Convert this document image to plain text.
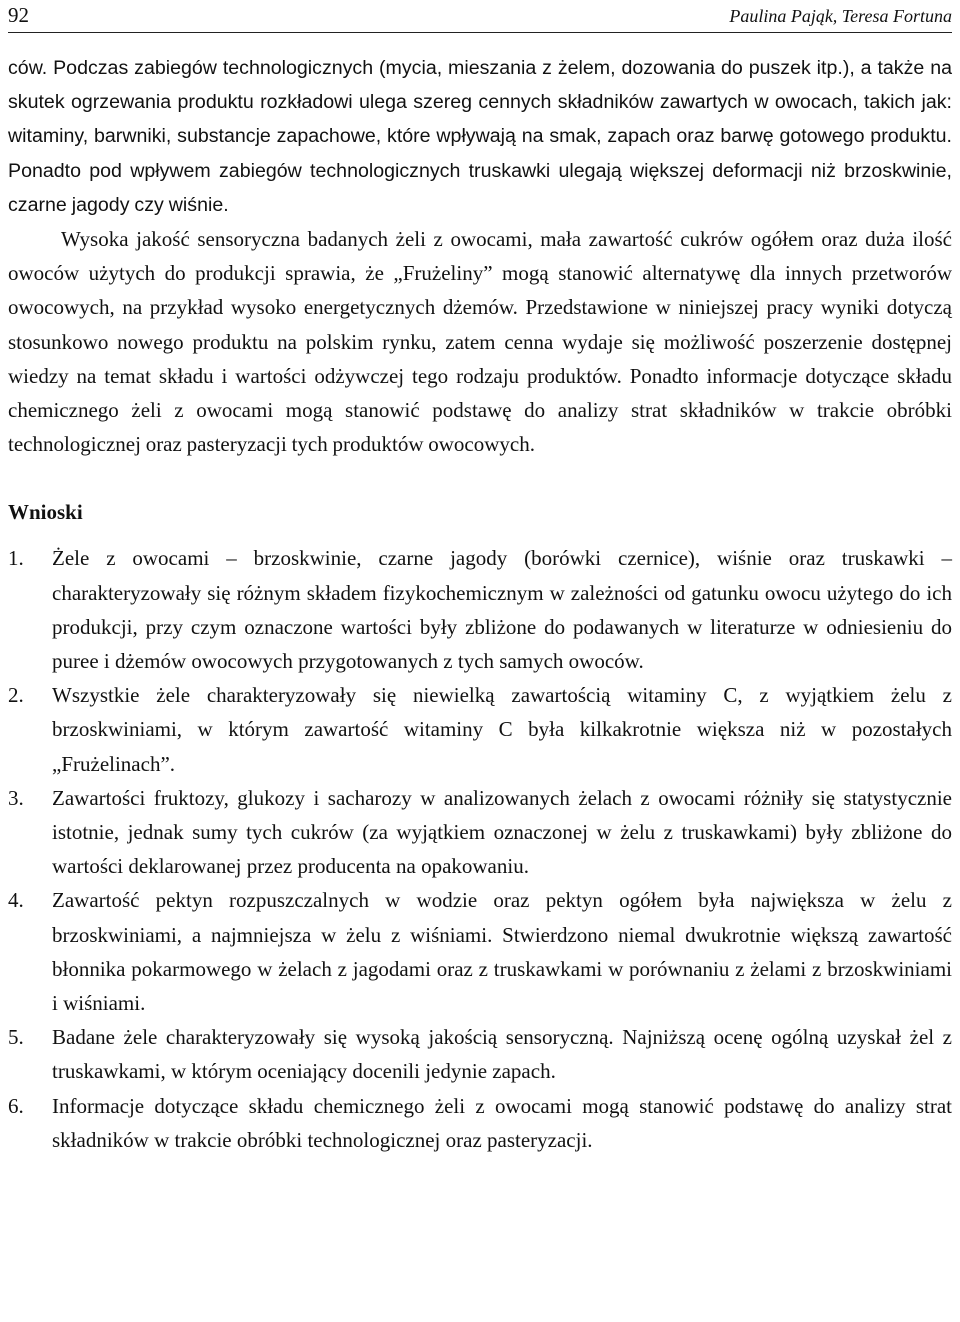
92	Paulina Pająk, Teresa Fortuna

ców. Podczas zabiegów technologicznych (mycia, mieszania z żelem, dozowania do puszek itp.), a także na skutek ogrzewania produktu rozkładowi ulega szereg cennych składników zawartych w owocach, takich jak: witaminy, barwniki, substancje zapachowe, które wpływają na smak, zapach oraz barwę gotowego produktu. Ponadto pod wpływem zabiegów technologicznych truskawki ulegają większej deformacji niż brzoskwinie, czarne jagody czy wiśnie.

Wysoka jakość sensoryczna badanych żeli z owocami, mała zawartość cukrów ogółem oraz duża ilość owoców użytych do produkcji sprawia, że „Frużeliny” mogą stanowić alternatywę dla innych przetworów owocowych, na przykład wysoko energetycznych dżemów. Przedstawione w niniejszej pracy wyniki dotyczą stosunkowo nowego produktu na polskim rynku, zatem cenna wydaje się możliwość poszerzenie dostępnej wiedzy na temat składu i wartości odżywczej tego rodzaju produktów. Ponadto informacje dotyczące składu chemicznego żeli z owocami mogą stanowić podstawę do analizy strat składników w trakcie obróbki technologicznej oraz pasteryzacji tych produktów owocowych.

Wnioski
1. Żele z owocami – brzoskwinie, czarne jagody (borówki czernice), wiśnie oraz truskawki – charakteryzowały się różnym składem fizykochemicznym w zależności od gatunku owocu użytego do ich produkcji, przy czym oznaczone wartości były zbliżone do podawanych w literaturze w odniesieniu do puree i dżemów owocowych przygotowanych z tych samych owoców.
2. Wszystkie żele charakteryzowały się niewielką zawartością witaminy C, z wyjątkiem żelu z brzoskwiniami, w którym zawartość witaminy C była kilkakrotnie większa niż w pozostałych „Frużelinach”.
3. Zawartości fruktozy, glukozy i sacharozy w analizowanych żelach z owocami różniły się statystycznie istotnie, jednak sumy tych cukrów (za wyjątkiem oznaczonej w żelu z truskawkami) były zbliżone do wartości deklarowanej przez producenta na opakowaniu.
4. Zawartość pektyn rozpuszczalnych w wodzie oraz pektyn ogółem była największa w żelu z brzoskwiniami, a najmniejsza w żelu z wiśniami. Stwierdzono niemal dwukrotnie większą zawartość błonnika pokarmowego w żelach z jagodami oraz z truskawkami w porównaniu z żelami z brzoskwiniami i wiśniami.
5. Badane żele charakteryzowały się wysoką jakością sensoryczną. Najniższą ocenę ogólną uzyskał żel z truskawkami, w którym oceniający docenili jedynie zapach.
6. Informacje dotyczące składu chemicznego żeli z owocami mogą stanowić podstawę do analizy strat składników w trakcie obróbki technologicznej oraz pasteryzacji.
